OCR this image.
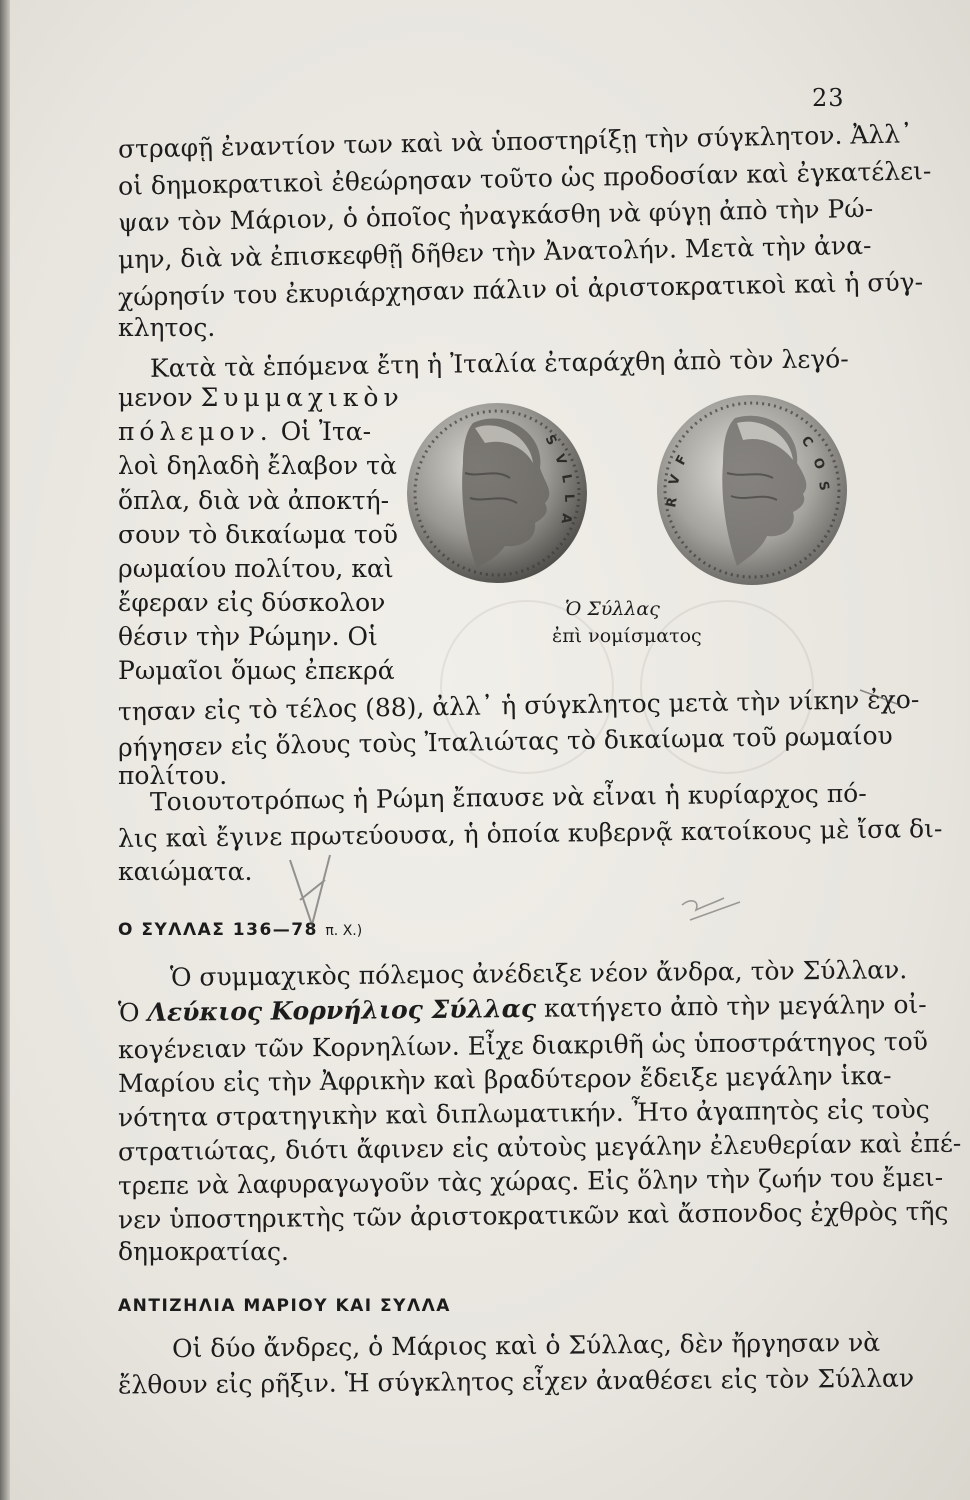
23

στραφῇ ἐναντίον των καὶ νὰ ὑποστηρίξῃ τὴν σύγκλητον. Ἀλλ᾽

οἱ δημοκρατικοὶ ἐθεώρησαν τοῦτο ὡς προδοσίαν καὶ ἐγκατέλει-

ψαν τὸν Μάριον, ὁ ὁποῖος ἠναγκάσθη νὰ φύγῃ ἀπὸ τὴν Ρώ-

μην, διὰ νὰ ἐπισκεφθῇ δῆθεν τὴν Ἀνατολήν. Μετὰ τὴν ἀνα-

χώρησίν του ἐκυριάρχησαν πάλιν οἱ ἀριστοκρατικοὶ καὶ ἡ σύγ-

κλητος.

Κατὰ τὰ ἑπόμενα ἔτη ἡ Ἰταλία ἐταράχθη ἀπὸ τὸν λεγό-

μενον Συμμαχικὸν

πόλεμον. Οἱ Ἰτα-

λοὶ δηλαδὴ ἔλαβον τὰ

ὅπλα, διὰ νὰ ἀποκτή-

σουν τὸ δικαίωμα τοῦ

ρωμαίου πολίτου, καὶ

ἔφεραν εἰς δύσκολον

θέσιν τὴν Ρώμην. Οἱ

Ρωμαῖοι ὅμως ἐπεκρά

τησαν εἰς τὸ τέλος (88), ἀλλ᾽ ἡ σύγκλητος μετὰ τὴν νίκην ἐχο-

ρήγησεν εἰς ὅλους τοὺς Ἰταλιώτας τὸ δικαίωμα τοῦ ρωμαίου

πολίτου.

S
V
L
L
A
R
V
F
C
O
S
Ὁ Σύλλας
ἐπὶ νομίσματος

Τοιουτοτρόπως ἡ Ρώμη ἔπαυσε νὰ εἶναι ἡ κυρίαρχος πό-

λις καὶ ἔγινε πρωτεύουσα, ἡ ὁποία κυβερνᾷ κατοίκους μὲ ἴσα δι-

καιώματα.

Ο ΣΥΛΛΑΣ 136—78 π. Χ.)

Ὁ συμμαχικὸς πόλεμος ἀνέδειξε νέον ἄνδρα, τὸν Σύλλαν.

Ὁ Λεύκιος Κορνήλιος Σύλλας κατήγετο ἀπὸ τὴν μεγάλην οἰ-

κογένειαν τῶν Κορνηλίων. Εἶχε διακριθῆ ὡς ὑποστράτηγος τοῦ

Μαρίου εἰς τὴν Ἀφρικὴν καὶ βραδύτερον ἔδειξε μεγάλην ἱκα-

νότητα στρατηγικὴν καὶ διπλωματικήν. Ἦτο ἀγαπητὸς εἰς τοὺς

στρατιώτας, διότι ἄφινεν εἰς αὐτοὺς μεγάλην ἐλευθερίαν καὶ ἐπέ-

τρεπε νὰ λαφυραγωγοῦν τὰς χώρας. Εἰς ὅλην τὴν ζωήν του ἔμει-

νεν ὑποστηρικτὴς τῶν ἀριστοκρατικῶν καὶ ἄσπονδος ἐχθρὸς τῆς

δημοκρατίας.

ΑΝΤΙΖΗΛΙΑ ΜΑΡΙΟΥ ΚΑΙ ΣΥΛΛΑ

Οἱ δύο ἄνδρες, ὁ Μάριος καὶ ὁ Σύλλας, δὲν ἤργησαν νὰ

ἔλθουν εἰς ρῆξιν. Ἡ σύγκλητος εἶχεν ἀναθέσει εἰς τὸν Σύλλαν
